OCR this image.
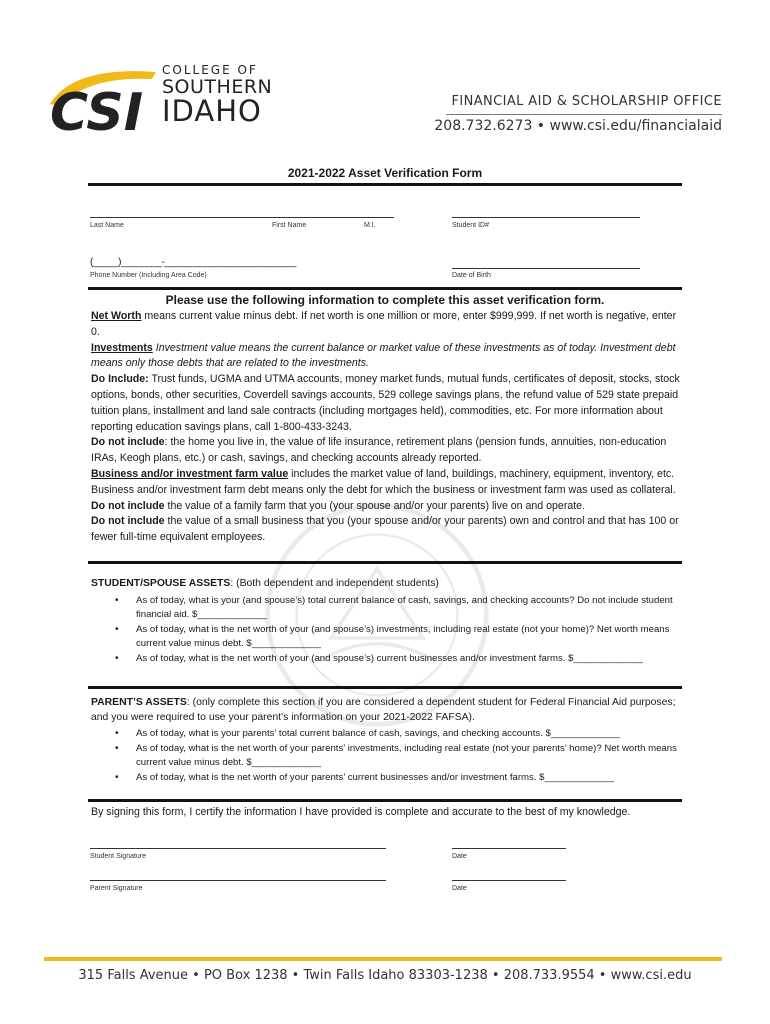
CSI
COLLEGE OF
SOUTHERN
IDAHO	FINANCIAL AID & SCHOLARSHIP OFFICE
208.732.6273 • www.csi.edu/financialaid
2021-2022 Asset Verification Form
Last Name	First Name	M.I.	Student ID#
(_____)________-__________________________
Phone Number (Including Area Code)	Date of Birth
Please use the following information to complete this asset verification form.

Net Worth means current value minus debt. If net worth is one million or more, enter $999,999. If net worth is negative, enter 0.

Investments Investment value means the current balance or market value of these investments as of today. Investment debt means only those debts that are related to the investments.

Do Include: Trust funds, UGMA and UTMA accounts, money market funds, mutual funds, certificates of deposit, stocks, stock options, bonds, other securities, Coverdell savings accounts, 529 college savings plans, the refund value of 529 state prepaid tuition plans, installment and land sale contracts (including mortgages held), commodities, etc. For more information about reporting education savings plans, call 1-800-433-3243.

Do not include: the home you live in, the value of life insurance, retirement plans (pension funds, annuities, non-education IRAs, Keogh plans, etc.) or cash, savings, and checking accounts already reported.

Business and/or investment farm value includes the market value of land, buildings, machinery, equipment, inventory, etc. Business and/or investment farm debt means only the debt for which the business or investment farm was used as collateral.

Do not include the value of a family farm that you (your spouse and/or your parents) live on and operate.

Do not include the value of a small business that you (your spouse and/or your parents) own and control and that has 100 or fewer full-time equivalent employees.

STUDENT/SPOUSE ASSETS: (Both dependent and independent students)
• As of today, what is your (and spouse’s) total current balance of cash, savings, and checking accounts? Do not include student financial aid. $_____________
• As of today, what is the net worth of your (and spouse’s) investments, including real estate (not your home)? Net worth means current value minus debt. $_____________
• As of today, what is the net worth of your (and spouse’s) current businesses and/or investment farms. $_____________
PARENT’S ASSETS: (only complete this section if you are considered a dependent student for Federal Financial Aid purposes; and you were required to use your parent’s information on your 2021-2022 FAFSA).
• As of today, what is your parents’ total current balance of cash, savings, and checking accounts. $_____________
• As of today, what is the net worth of your parents’ investments, including real estate (not your parents’ home)? Net worth means current value minus debt. $_____________
• As of today, what is the net worth of your parents’ current businesses and/or investment farms. $_____________
By signing this form, I certify the information I have provided is complete and accurate to the best of my knowledge.
Student Signature	Date
Parent Signature	Date
315 Falls Avenue • PO Box 1238 • Twin Falls Idaho 83303-1238 • 208.733.9554 • www.csi.edu
